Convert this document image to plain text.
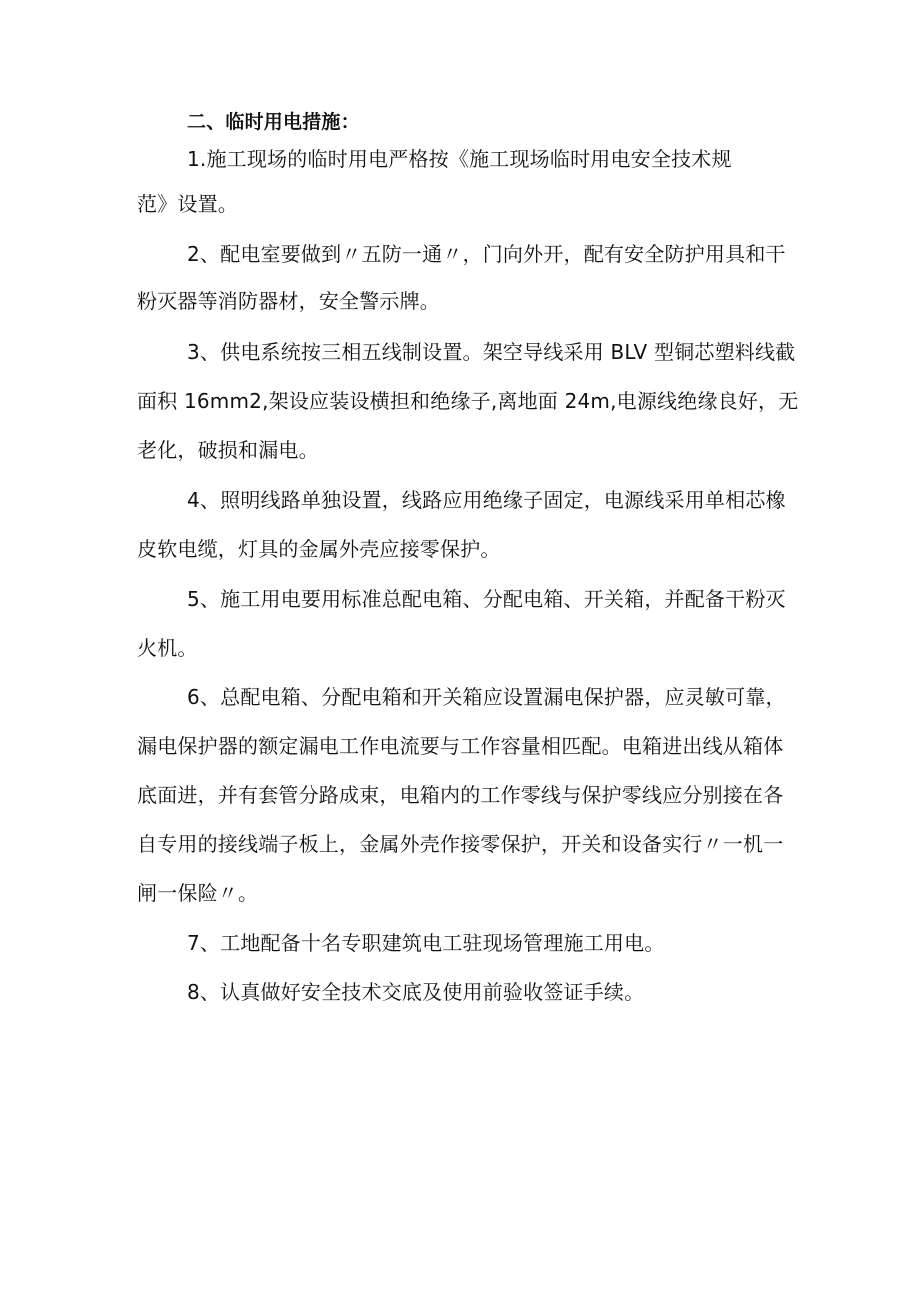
二、临时用电措施：
1.施工现场的临时用电严格按《施工现场临时用电安全技术规
范》设置。
2、配电室要做到〃五防一通〃，门向外开，配有安全防护用具和干
粉灭器等消防器材，安全警示牌。
3、供电系统按三相五线制设置。架空导线采用 BLV 型铜芯塑料线截
面积 16mm2,架设应装设横担和绝缘子,离地面 24m,电源线绝缘良好，无
老化，破损和漏电。
4、照明线路单独设置，线路应用绝缘子固定，电源线采用单相芯橡
皮软电缆，灯具的金属外壳应接零保护。
5、施工用电要用标准总配电箱、分配电箱、开关箱，并配备干粉灭
火机。
6、总配电箱、分配电箱和开关箱应设置漏电保护器，应灵敏可靠，
漏电保护器的额定漏电工作电流要与工作容量相匹配。电箱进出线从箱体
底面进，并有套管分路成束，电箱内的工作零线与保护零线应分别接在各
自专用的接线端子板上，金属外壳作接零保护，开关和设备实行〃一机一
闸一保险〃。
7、工地配备十名专职建筑电工驻现场管理施工用电。
8、认真做好安全技术交底及使用前验收签证手续。
